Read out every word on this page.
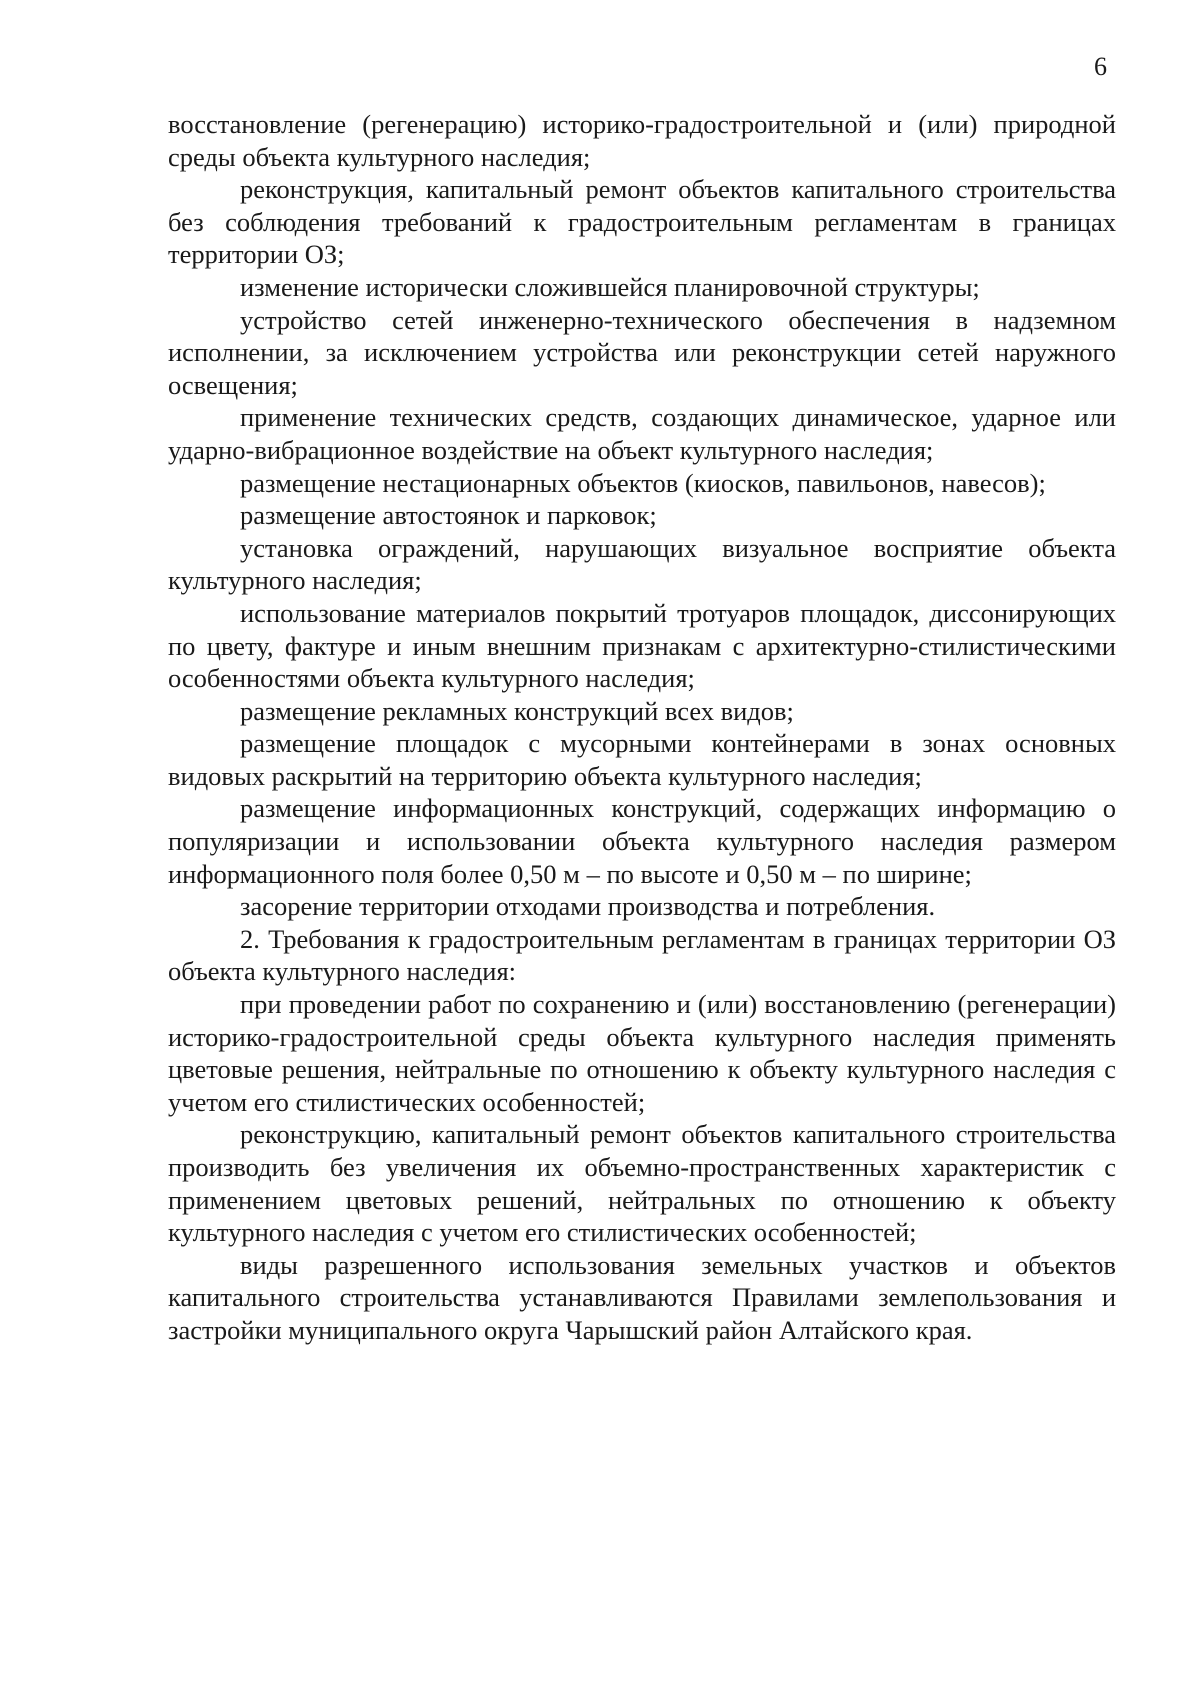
6

восстановление (регенерацию) историко-градостроительной и (или) природной среды объекта культурного наследия;

реконструкция, капитальный ремонт объектов капитального строительства без соблюдения требований к градостроительным регламентам в границах территории ОЗ;

изменение исторически сложившейся планировочной структуры;

устройство сетей инженерно-технического обеспечения в надземном исполнении, за исключением устройства или реконструкции сетей наружного освещения;

применение технических средств, создающих динамическое, ударное или ударно-вибрационное воздействие на объект культурного наследия;

размещение нестационарных объектов (киосков, павильонов, навесов);

размещение автостоянок и парковок;

установка ограждений, нарушающих визуальное восприятие объекта культурного наследия;

использование материалов покрытий тротуаров площадок, диссонирующих по цвету, фактуре и иным внешним признакам с архитектурно-стилистическими особенностями объекта культурного наследия;

размещение рекламных конструкций всех видов;

размещение площадок с мусорными контейнерами в зонах основных видовых раскрытий на территорию объекта культурного наследия;

размещение информационных конструкций, содержащих информацию о популяризации и использовании объекта культурного наследия размером информационного поля более 0,50 м – по высоте и 0,50 м – по ширине;

засорение территории отходами производства и потребления.

2. Требования к градостроительным регламентам в границах территории ОЗ объекта культурного наследия:

при проведении работ по сохранению и (или) восстановлению (регенерации) историко-градостроительной среды объекта культурного наследия применять цветовые решения, нейтральные по отношению к объекту культурного наследия с учетом его стилистических особенностей;

реконструкцию, капитальный ремонт объектов капитального строительства производить без увеличения их объемно-пространственных характеристик с применением цветовых решений, нейтральных по отношению к объекту культурного наследия с учетом его стилистических особенностей;

виды разрешенного использования земельных участков и объектов капитального строительства устанавливаются Правилами землепользования и застройки муниципального округа Чарышский район Алтайского края.
